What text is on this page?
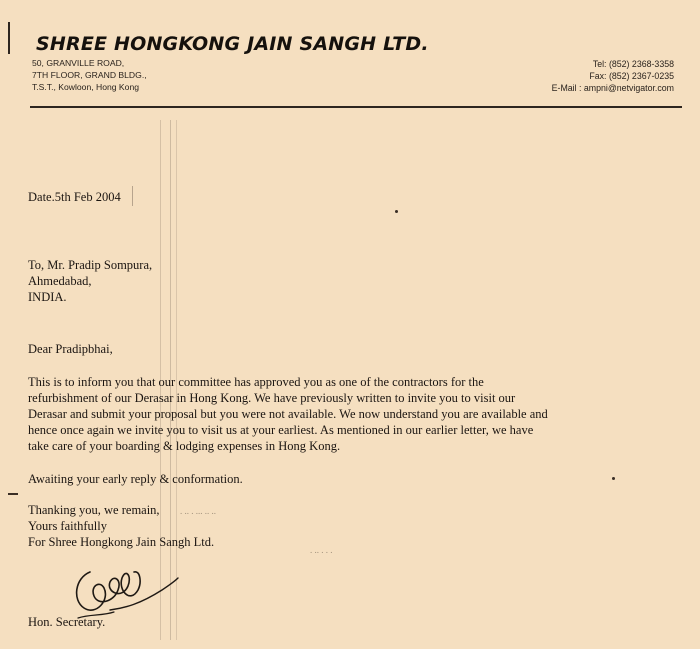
SHREE HONGKONG JAIN SANGH LTD.
50, GRANVILLE ROAD,
7TH FLOOR, GRAND BLDG.,
T.S.T., Kowloon, Hong Kong
Tel: (852) 2368-3358
Fax: (852) 2367-0235
E-Mail : ampni@netvigator.com
Date.5th Feb 2004
To, Mr. Pradip Sompura,
Ahmedabad,
INDIA.
Dear Pradipbhai,
This is to inform you that our committee has approved you as one of the contractors for the
refurbishment of our Derasar in Hong Kong. We have previously written to invite you to visit our
Derasar and submit your proposal but you were not available. We now understand you are available and
hence once again we invite you to visit us at your earliest. As mentioned in our earlier letter, we have
take care of your boarding & lodging expenses in Hong Kong.
Awaiting your early reply & conformation.
Thanking you, we remain,
Yours faithfully
For Shree Hongkong Jain Sangh Ltd.
Hon. Secretary.
. .. . ... .. ..
. .. . . .
